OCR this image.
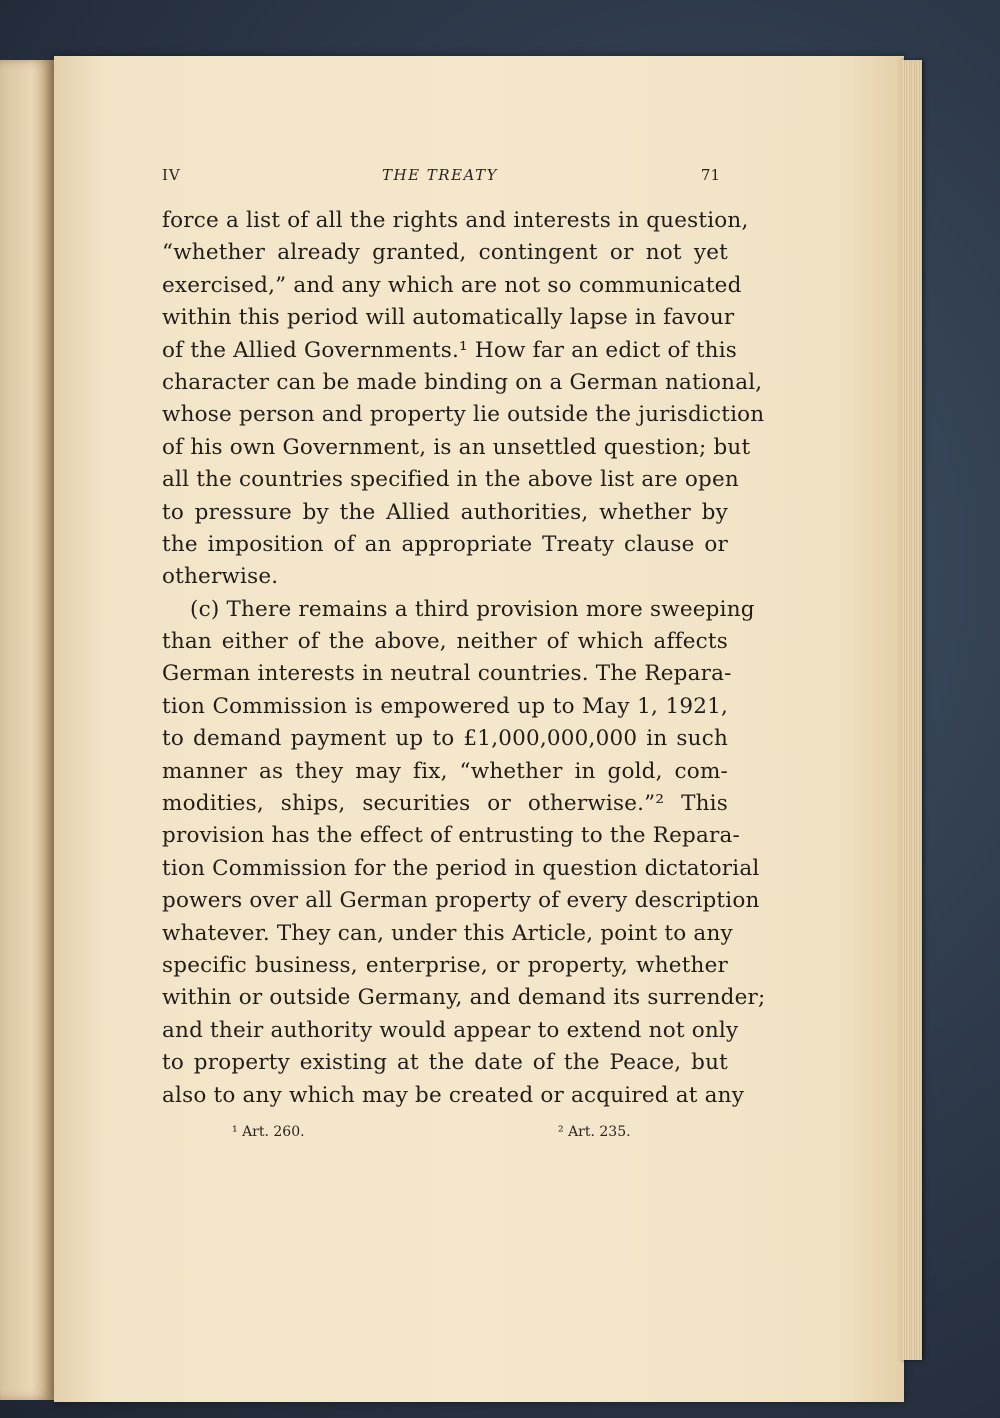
IV	THE TREATY	71
force a list of all the rights and interests in question,
“whether already granted, contingent or not yet
exercised,” and any which are not so communicated
within this period will automatically lapse in favour
of the Allied Governments.¹ How far an edict of this
character can be made binding on a German national,
whose person and property lie outside the jurisdiction
of his own Government, is an unsettled question; but
all the countries specified in the above list are open
to pressure by the Allied authorities, whether by
the imposition of an appropriate Treaty clause or
otherwise.
(c) There remains a third provision more sweeping
than either of the above, neither of which affects
German interests in neutral countries. The Repara-
tion Commission is empowered up to May 1, 1921,
to demand payment up to £1,000,000,000 in such
manner as they may fix, “whether in gold, com-
modities, ships, securities or otherwise.”² This
provision has the effect of entrusting to the Repara-
tion Commission for the period in question dictatorial
powers over all German property of every description
whatever. They can, under this Article, point to any
specific business, enterprise, or property, whether
within or outside Germany, and demand its surrender;
and their authority would appear to extend not only
to property existing at the date of the Peace, but
also to any which may be created or acquired at any
¹ Art. 260.	² Art. 235.
